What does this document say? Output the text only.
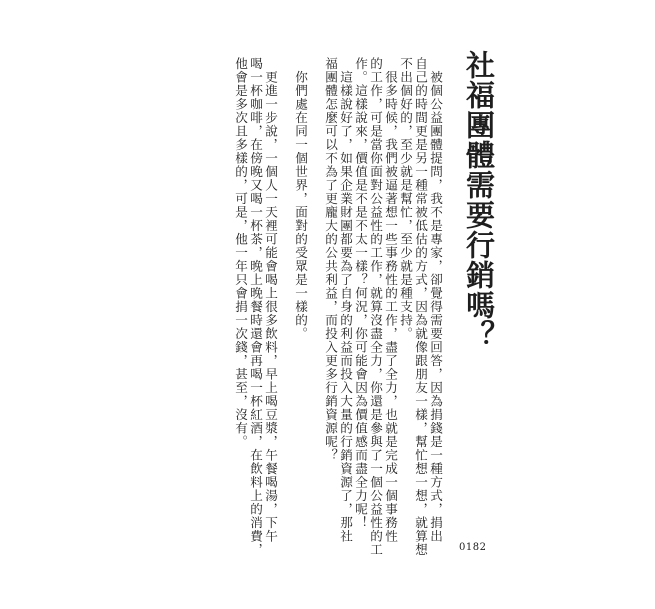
社福團體需要行銷嗎？
　被個公益團體提問，我不是專家，卻覺得需要回答，因為捐錢是一種方式，捐出
自己的時間更是另一種常被低估的方式，因為就像跟朋友一樣，幫忙想一想，就算想
不出個好的，至少就是幫忙，至少就是種支持。
　很多時候，我們被逼著想一些事務性的工作，盡了全力，也就是完成一個事務性
的工作，可是當你面對公益性的工作，就算沒盡全力，你還是參與了一個公益性的工
作。這樣說來，價值是不是不太一樣？何況，你可能會因為價值感而盡全力呢！
　這樣說好了，如果企業財團都要為了自身的利益而投入大量的行銷資源了，那社
福團體怎麼可以不為了更龐大的公共利益，而投入更多行銷資源呢？
　你們處在同一個世界，面對的受眾是一樣的。
　更進一步說，一個人一天裡可能會喝上很多飲料，早上喝豆漿，午餐喝湯，下午
喝一杯咖啡，在傍晚又喝一杯茶，晚上晚餐時還會再喝一杯紅酒，在飲料上的消費，
他會是多次且多樣的，可是，他一年只會捐一次錢，甚至，沒有。
0182
